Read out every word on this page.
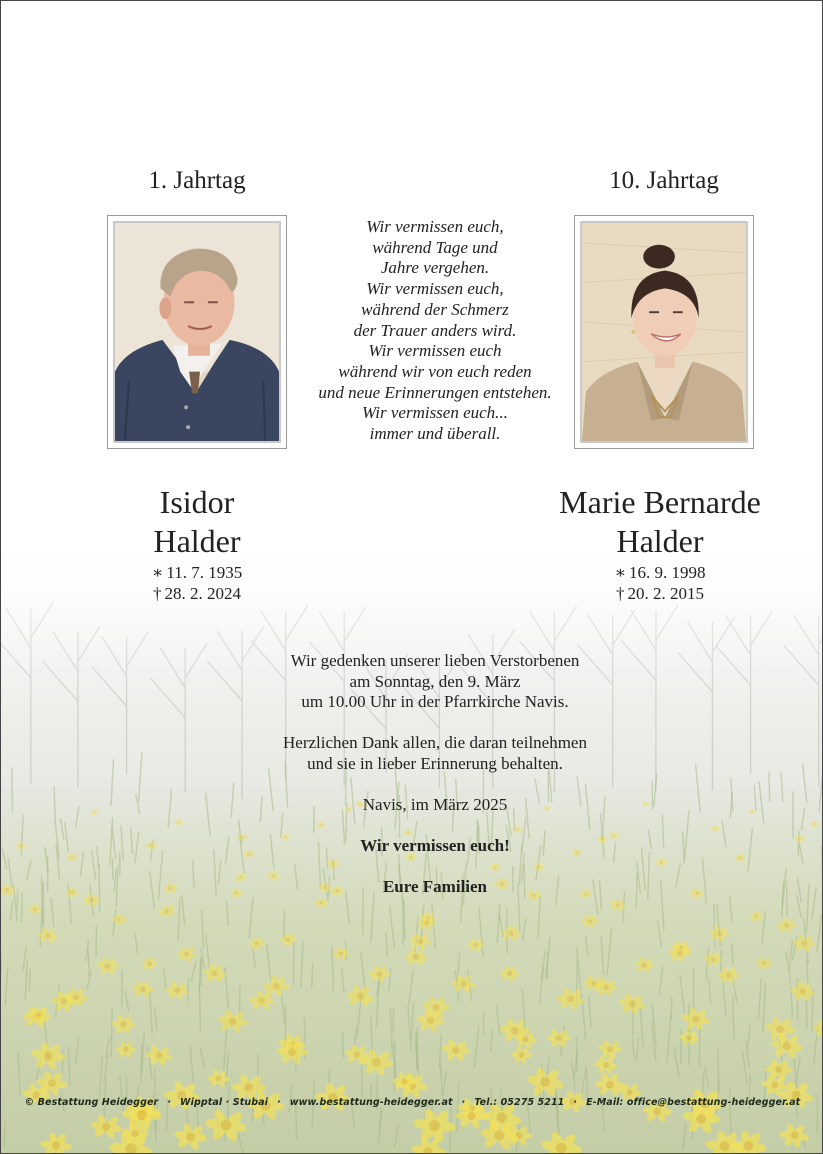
1. Jahrtag	10. Jahrtag
Wir vermissen euch,
während Tage und
Jahre vergehen.
Wir vermissen euch,
während der Schmerz
der Trauer anders wird.
Wir vermissen euch
während wir von euch reden
und neue Erinnerungen entstehen.
Wir vermissen euch...
immer und überall.
Isidor
Halder
∗ 11. 7. 1935
† 28. 2. 2024
Marie Bernarde
Halder
∗ 16. 9. 1998
† 20. 2. 2015
Wir gedenken unserer lieben Verstorbenen
am Sonntag, den 9. März
um 10.00 Uhr in der Pfarrkirche Navis.
Herzlichen Dank allen, die daran teilnehmen
und sie in lieber Erinnerung behalten.
Navis, im März 2025
Wir vermissen euch!
Eure Familien
© Bestattung Heidegger · Wipptal · Stubai · www.bestattung-heidegger.at · Tel.: 05275 5211 · E-Mail: office@bestattung-heidegger.at
